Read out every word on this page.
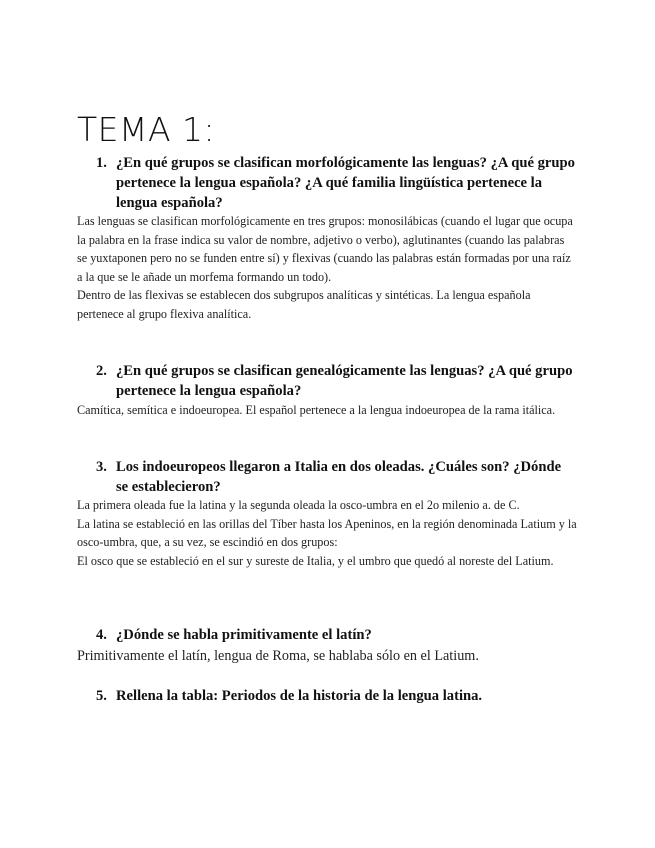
TEMA 1:
1. ¿En qué grupos se clasifican morfológicamente las lenguas? ¿A qué grupo pertenece la lengua española? ¿A qué familia lingüística pertenece la lengua española?

Las lenguas se clasifican morfológicamente en tres grupos: monosilábicas (cuando el lugar que ocupa la palabra en la frase indica su valor de nombre, adjetivo o verbo), aglutinantes (cuando las palabras se yuxtaponen pero no se funden entre sí) y flexivas (cuando las palabras están formadas por una raíz a la que se le añade un morfema formando un todo).

Dentro de las flexivas se establecen dos subgrupos analíticas y sintéticas. La lengua española pertenece al grupo flexiva analítica.

2. ¿En qué grupos se clasifican genealógicamente las lenguas? ¿A qué grupo pertenece la lengua española?

Camítica, semítica e indoeuropea. El español pertenece a la lengua indoeuropea de la rama itálica.

3. Los indoeuropeos llegaron a Italia en dos oleadas. ¿Cuáles son? ¿Dónde se establecieron?

La primera oleada fue la latina y la segunda oleada la osco-umbra en el 2o milenio a. de C.

La latina se estableció en las orillas del Tíber hasta los Apeninos, en la región denominada Latium y la osco-umbra, que, a su vez, se escindió en dos grupos:

El osco que se estableció en el sur y sureste de Italia, y el umbro que quedó al noreste del Latium.

4. ¿Dónde se habla primitivamente el latín?

Primitivamente el latín, lengua de Roma, se hablaba sólo en el Latium.

5. Rellena la tabla: Periodos de la historia de la lengua latina.
